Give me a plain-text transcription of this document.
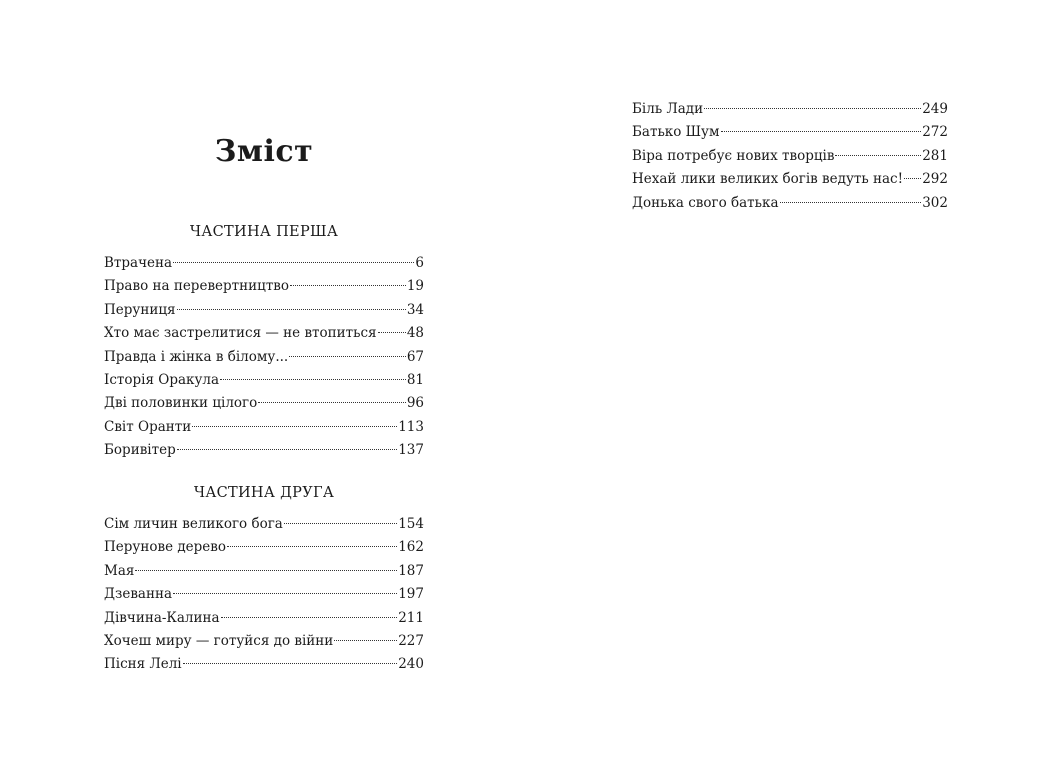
Зміст
ЧАСТИНА ПЕРША
Втрачена	6
Право на перевертництво	19
Перуниця	34
Хто має застрелитися — не втопиться 48
Правда і жінка в білому...	67
Історія Оракула	81
Дві половинки цілого	96
Світ Оранти	113
Боривітер	137
ЧАСТИНА ДРУГА
Сім личин великого бога	154
Перунове дерево	162
Мая	187
Дзеванна	197
Дівчина-Калина	211
Хочеш миру — готуйся до війни	227
Пісня Лелі	240
Біль Лади	249
Батько Шум	272
Віра потребує нових творців	281
Нехай лики великих богів ведуть нас! 292
Донька свого батька	302
